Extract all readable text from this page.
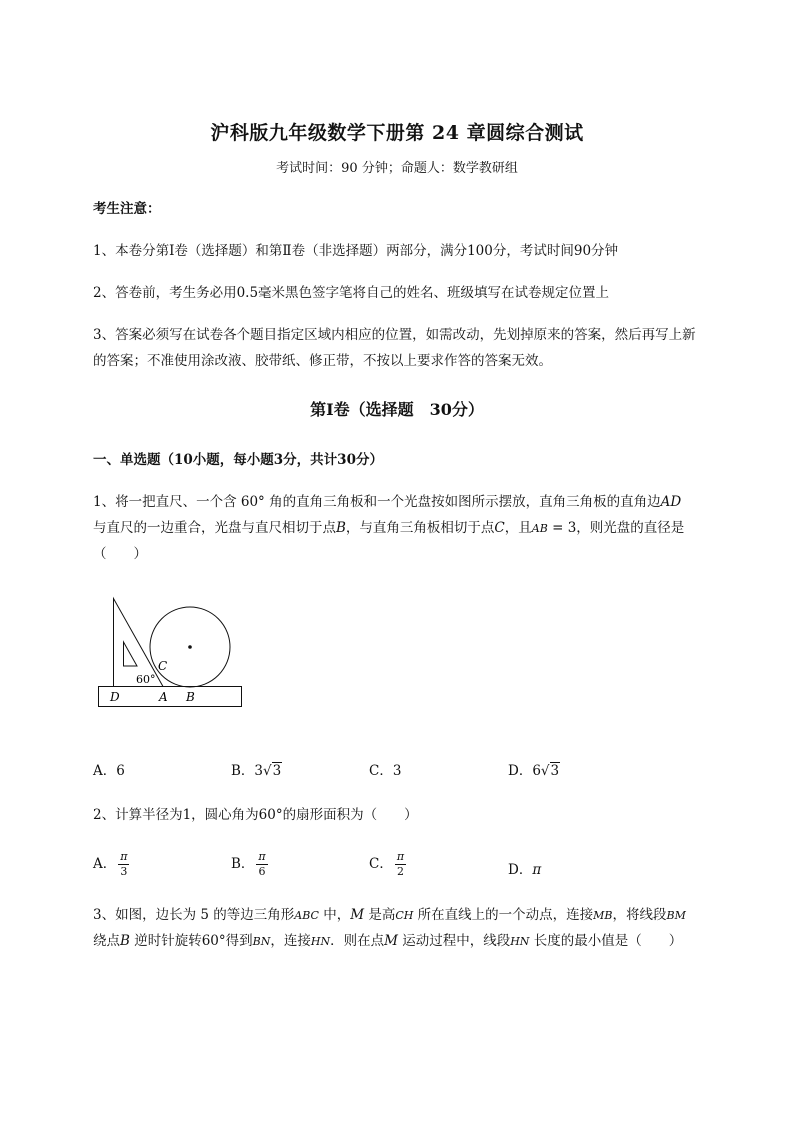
沪科版九年级数学下册第 24 章圆综合测试
考试时间：90 分钟；命题人：数学教研组
考生注意：
1、本卷分第Ⅰ卷（选择题）和第Ⅱ卷（非选择题）两部分，满分100分，考试时间90分钟
2、答卷前，考生务必用0.5毫米黑色签字笔将自己的姓名、班级填写在试卷规定位置上
3、答案必须写在试卷各个题目指定区域内相应的位置，如需改动，先划掉原来的答案，然后再写上新
的答案；不准使用涂改液、胶带纸、修正带，不按以上要求作答的答案无效。
第Ⅰ卷（选择题　30分）
一、单选题（10小题，每小题3分，共计30分）
1、将一把直尺、一个含 60° 角的直角三角板和一个光盘按如图所示摆放，直角三角板的直角边AD
与直尺的一边重合，光盘与直尺相切于点B，与直角三角板相切于点C，且AB = 3，则光盘的直径是
（　　）
C
60°
D	A B
A．6	B．3√3	C．3	D．6√3
2、计算半径为1，圆心角为60°的扇形面积为（　　）
A． $\frac{\pi}{3}$	B． $\frac{\pi}{6}$	C． $\frac{\pi}{2}$	D．π
3、如图，边长为 5 的等边三角形ABC 中，M 是高CH 所在直线上的一个动点，连接MB，将线段BM
绕点B 逆时针旋转60°得到BN，连接HN．则在点M 运动过程中，线段HN 长度的最小值是（　　）
